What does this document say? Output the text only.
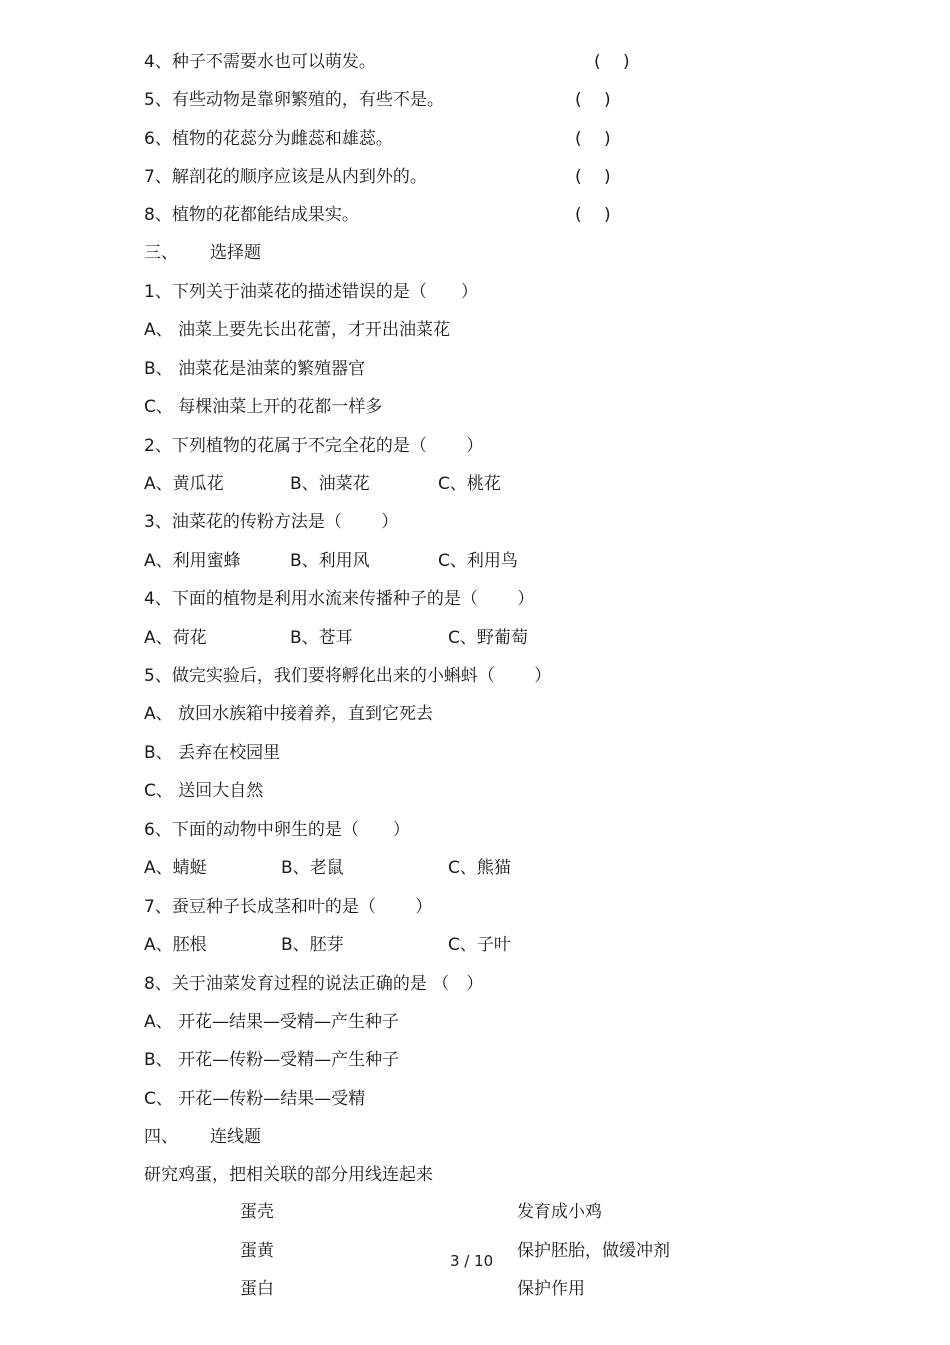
4、种子不需要水也可以萌发。	(　 )
5、有些动物是靠卵繁殖的，有些不是。	(　 )
6、植物的花蕊分为雌蕊和雄蕊。	(　 )
7、解剖花的顺序应该是从内到外的。	(　 )
8、植物的花都能结成果实。	(　 )
三、 选择题
1、下列关于油菜花的描述错误的是（　　）
A、 油菜上要先长出花蕾，才开出油菜花
B、 油菜花是油菜的繁殖器官
C、 每棵油菜上开的花都一样多
2、下列植物的花属于不完全花的是（　　 ）
A、黄瓜花	B、油菜花	C、桃花
3、油菜花的传粉方法是（　　 ）
A、利用蜜蜂	B、利用风	C、利用鸟
4、下面的植物是利用水流来传播种子的是（　　 ）
A、荷花	B、苍耳	C、野葡萄
5、做完实验后，我们要将孵化出来的小蝌蚪（　　 ）
A、 放回水族箱中接着养，直到它死去
B、 丢弃在校园里
C、 送回大自然
6、下面的动物中卵生的是（　　）
A、蜻蜓	B、老鼠	C、熊猫
7、蚕豆种子长成茎和叶的是（　　 ）
A、胚根	B、胚芽	C、子叶
8、关于油菜发育过程的说法正确的是 （　）
A、 开花—结果—受精—产生种子
B、 开花—传粉—受精—产生种子
C、 开花—传粉—结果—受精
四、 连线题
研究鸡蛋，把相关联的部分用线连起来
蛋壳	发育成小鸡
蛋黄	保护胚胎，做缓冲剂
蛋白	保护作用
3 / 10
